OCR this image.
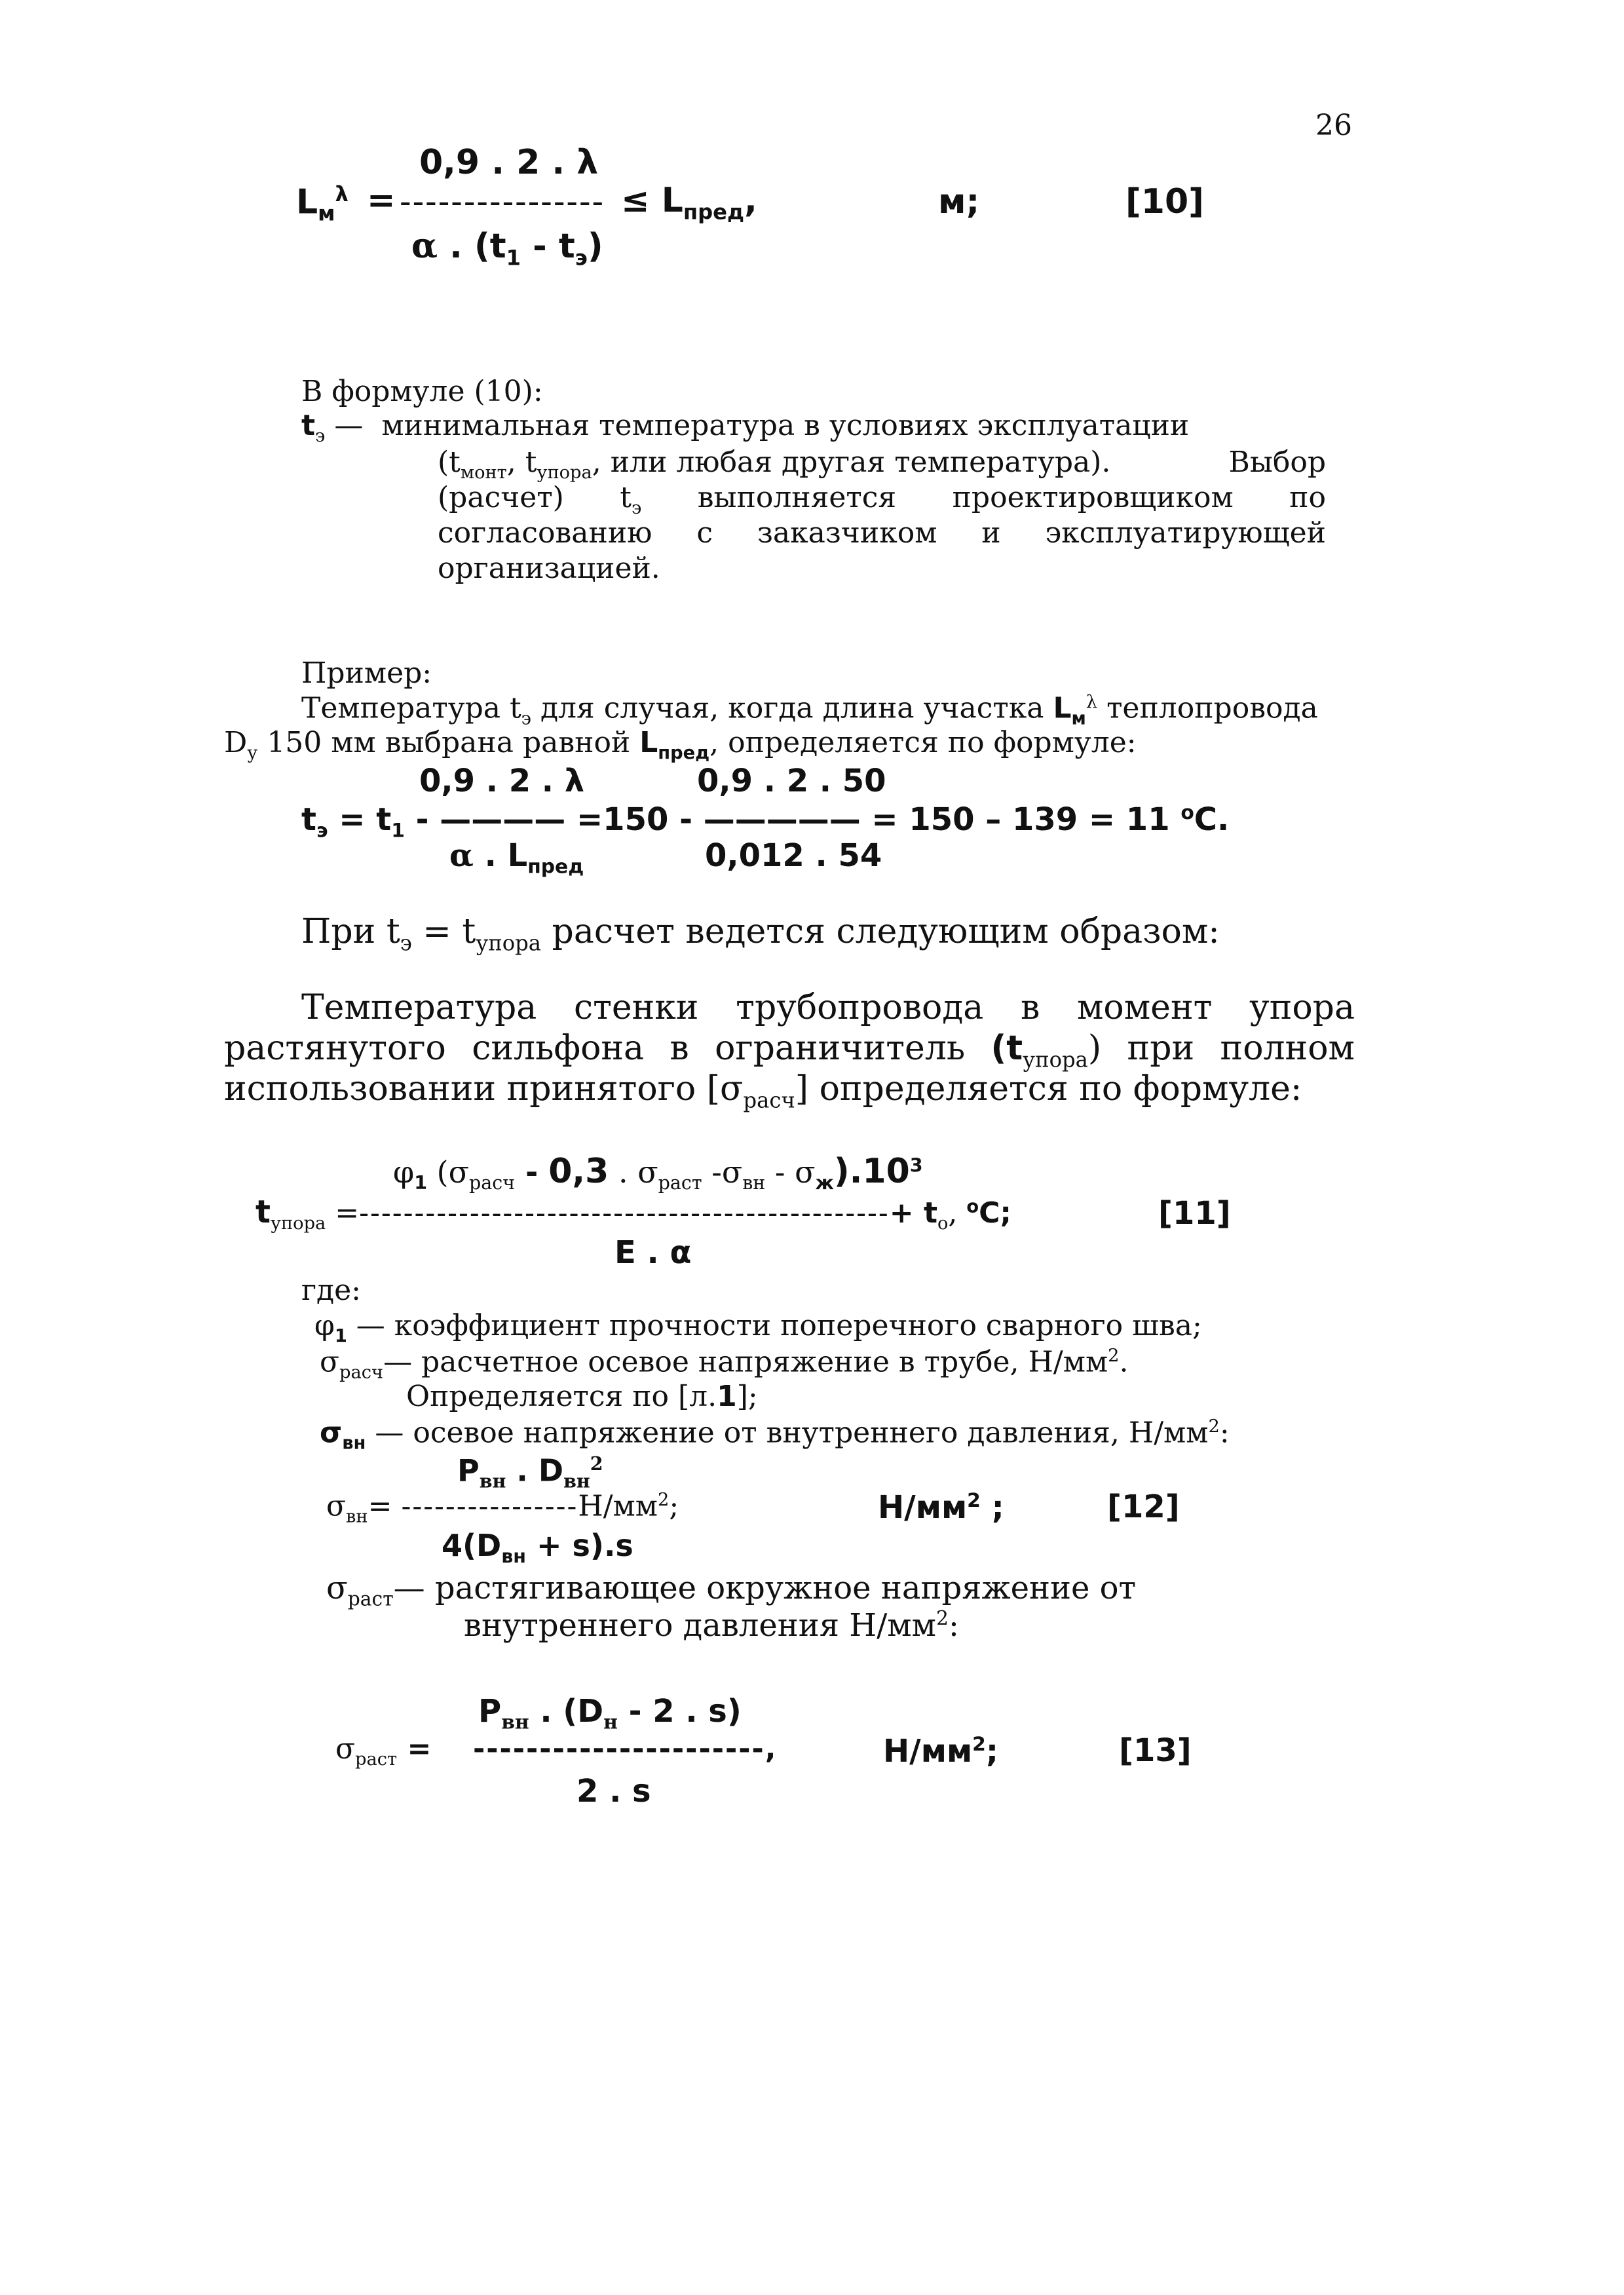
26
0,9 . 2 . λ
$L_м^\lambda$ = ---------------- ≤ $L_{пред}$,	м;	[10]
α . $(t_1 - t_э)$
В формуле (10):
$t_э$ — минимальная температура в условиях эксплуатации
($t_{монт}$, $t_{упора}$, или любая другая температура).	Выбор
(расчет) $t_э$ выполняется проектировщиком по
согласованию с заказчиком и эксплуатирующей
организацией.
Пример:
Температура $t_э$ для случая, когда длина участка $L_м^\lambda$ теплопровода
$D_у$ 150 мм выбрана равной $L_{пред}$, определяется по формуле:
0,9 . 2 . λ	0,9 . 2 . 50
$t_э = t_1$ - ———— =150 - ————— = 150 – 139 = 11 $^о$С.
α . $L_{пред}$	0,012 . 54
При $t_э = t_{упора}$ расчет ведется следующим образом:
Температура стенки трубопровода в момент упора
растянутого сильфона в ограничитель $(t_{упора})$ при полном
использовании принятого $[\sigma_{расч}]$ определяется по формуле:
$\varphi_1$ ($\sigma_{расч} - 0,3$ . $\sigma_{раст}$ $-\sigma_{вн} - \sigma_ж).10^3$
$t_{упора}$ =------------------------------------------------+ $t_о$, $^о$С;	[11]
E . α
где:
$\varphi_1$ — коэффициент прочности поперечного сварного шва;
$\sigma_{расч}—$ расчетное осевое напряжение в трубе, $Н/мм^2$.
Определяется по [л.1];
$\sigma_{вн}$ — осевое напряжение от внутреннего давления, $Н/мм^2$:
$P_{вн}$ . $D_{вн}^2$
$\sigma_{вн}= ----------------Н/мм^2$;	$Н/мм^2$ ;	[12]
$4(D_{вн} + s).s$
$\sigma_{раст}—$ растягивающее окружное напряжение от
внутреннего давления $Н/мм^2$:
$P_{вн}$ . ($D_н - 2$ . s)
$\sigma_{раст}$ = ----------------------,	$Н/мм^2$;	[13]
2 . s
